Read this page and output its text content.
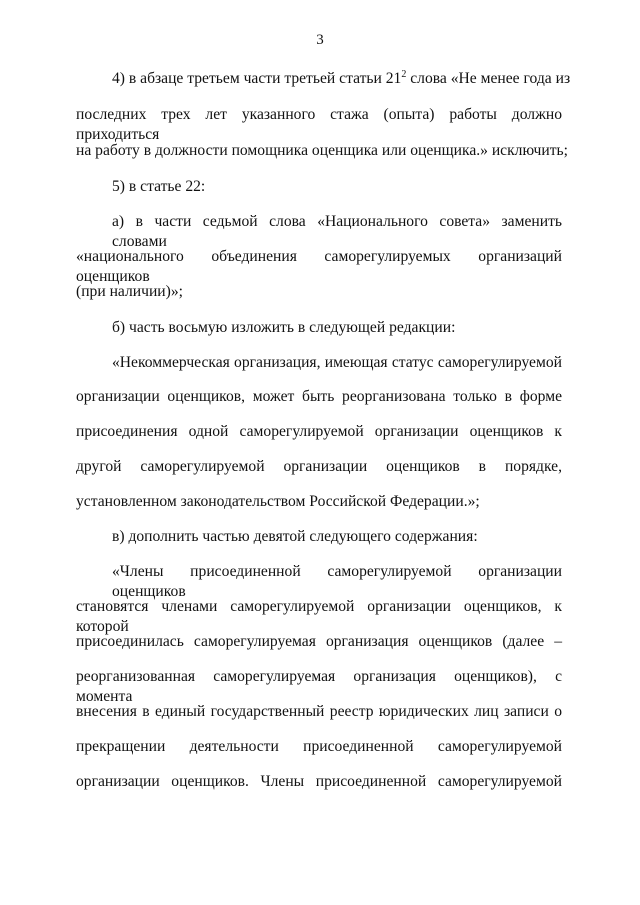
3
4) в абзаце третьем части третьей статьи $21^2$ слова «Не менее года из
последних трех лет указанного стажа (опыта) работы должно приходиться
на работу в должности помощника оценщика или оценщика.» исключить;
5) в статье 22:
а) в части седьмой слова «Национального совета» заменить словами
«национального объединения саморегулируемых организаций оценщиков
(при наличии)»;
б) часть восьмую изложить в следующей редакции:
«Некоммерческая организация, имеющая статус саморегулируемой
организации оценщиков, может быть реорганизована только в форме
присоединения одной саморегулируемой организации оценщиков к
другой саморегулируемой организации оценщиков в порядке,
установленном законодательством Российской Федерации.»;
в) дополнить частью девятой следующего содержания:
«Члены присоединенной саморегулируемой организации оценщиков
становятся членами саморегулируемой организации оценщиков, к которой
присоединилась саморегулируемая организация оценщиков (далее –
реорганизованная саморегулируемая организация оценщиков), с момента
внесения в единый государственный реестр юридических лиц записи о
прекращении деятельности присоединенной саморегулируемой
организации оценщиков. Члены присоединенной саморегулируемой
